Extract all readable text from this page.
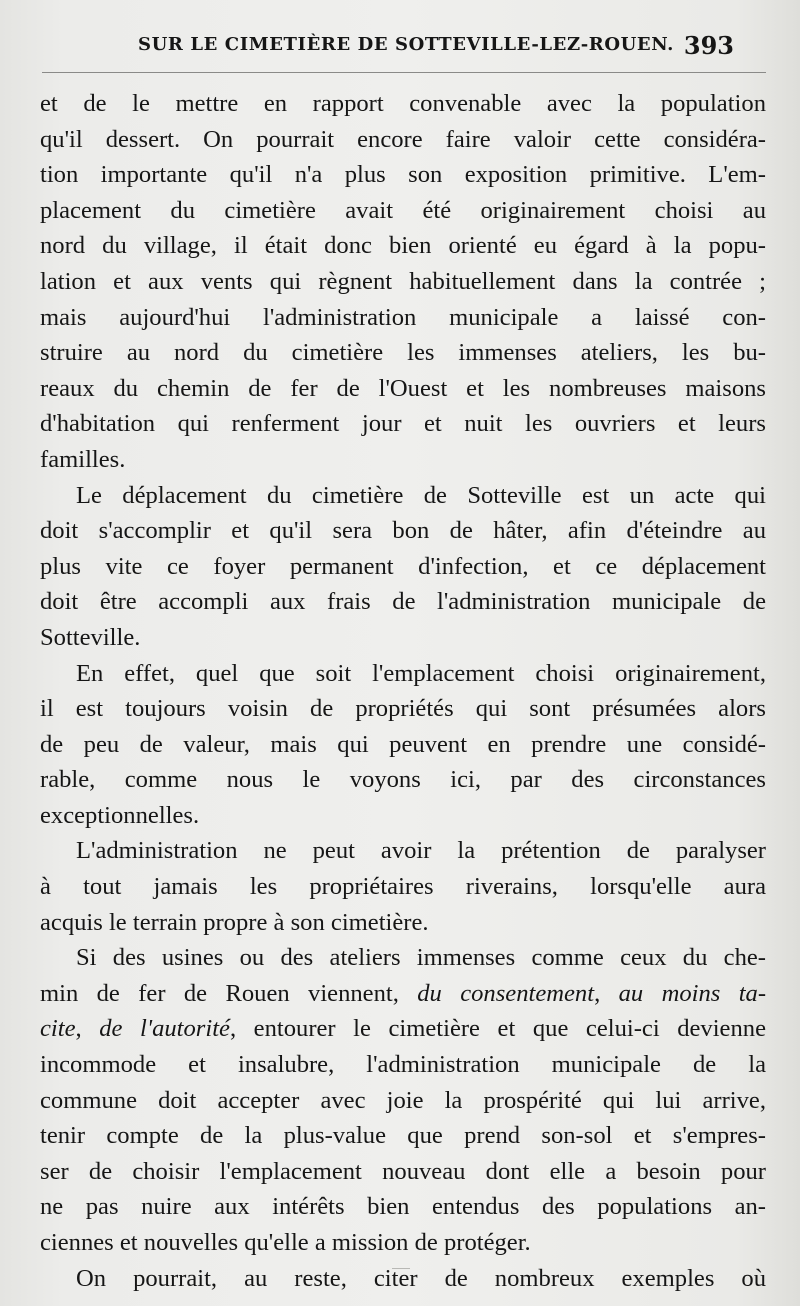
SUR LE CIMETIÈRE DE SOTTEVILLE-LEZ-ROUEN. 393
et de le mettre en rapport convenable avec la population
qu'il dessert. On pourrait encore faire valoir cette considéra-
tion importante qu'il n'a plus son exposition primitive. L'em-
placement du cimetière avait été originairement choisi au
nord du village, il était donc bien orienté eu égard à la popu-
lation et aux vents qui règnent habituellement dans la contrée ;
mais aujourd'hui l'administration municipale a laissé con-
struire au nord du cimetière les immenses ateliers, les bu-
reaux du chemin de fer de l'Ouest et les nombreuses maisons
d'habitation qui renferment jour et nuit les ouvriers et leurs
familles.
Le déplacement du cimetière de Sotteville est un acte qui
doit s'accomplir et qu'il sera bon de hâter, afin d'éteindre au
plus vite ce foyer permanent d'infection, et ce déplacement
doit être accompli aux frais de l'administration municipale de
Sotteville.
En effet, quel que soit l'emplacement choisi originairement,
il est toujours voisin de propriétés qui sont présumées alors
de peu de valeur, mais qui peuvent en prendre une considé-
rable, comme nous le voyons ici, par des circonstances
exceptionnelles.
L'administration ne peut avoir la prétention de paralyser
à tout jamais les propriétaires riverains, lorsqu'elle aura
acquis le terrain propre à son cimetière.
Si des usines ou des ateliers immenses comme ceux du che-
min de fer de Rouen viennent, du consentement, au moins ta-
cite, de l'autorité, entourer le cimetière et que celui-ci devienne
incommode et insalubre, l'administration municipale de la
commune doit accepter avec joie la prospérité qui lui arrive,
tenir compte de la plus-value que prend son-sol et s'empres-
ser de choisir l'emplacement nouveau dont elle a besoin pour
ne pas nuire aux intérêts bien entendus des populations an-
ciennes et nouvelles qu'elle a mission de protéger.
On pourrait, au reste, citer de nombreux exemples où
